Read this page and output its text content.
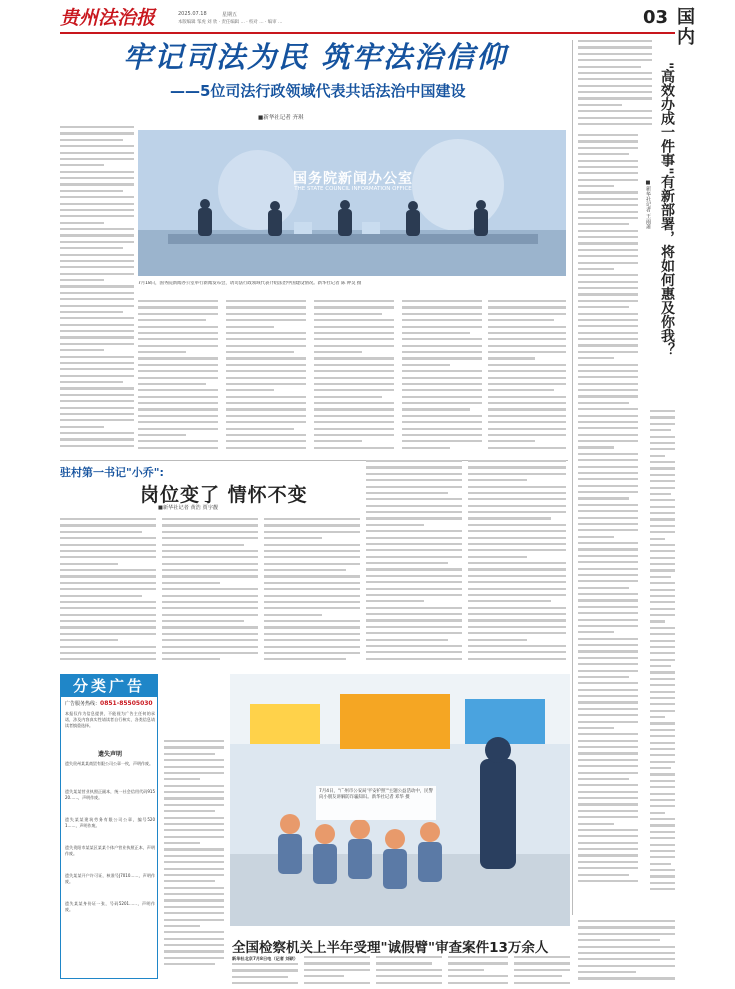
贵州法治报	2025.07.18	星期五
本版编辑 邹虎 刘 欣 · 责任编辑 … · 校对 … · 编审 …	03 国内
牢记司法为民 筑牢法治信仰
——5位司法行政领域代表共话法治中国建设
■新华社记者 齐琪
国务院新闻办公室
THE STATE COUNCIL INFORMATION OFFICE
7月18日，国务院新闻办公室举行新闻发布会，请司法行政领域代表介绍法治中国建设情况。新华社记者 陈 钟昊 摄	"高效办成一件事"有新部署，将如何惠及你我？
■新华社记者 王雨萧
驻村第一书记"小乔":
岗位变了 情怀不变
■新华社记者 黄浩 贾宇靓
分类广告
广告服务热线：0851-85505030
本报仅作为信息提供，不能视为广告主任何的承诺，涉及内容真实性请读者自行核实，各类信息请读者慎重选择。
遗失声明
遗失贵州某某商贸有限公司公章一枚，声明作废。
遗失某某营业执照正副本，统一社会信用代码91520……，声明作废。
遗失某某建筑劳务有限公司公章，编号5201……，声明作废。
遗失贵阳市某某区某某个体户营业执照正本，声明作废。
遗失某某开户许可证，核准号J7010……，声明作废。
遗失某某身份证一张，号码5201……，声明作废。
7月4日，"广州市公安局'平安护照'"主题公益活动中，民警向小朋友讲解防诈骗知识。新华社记者 邓华 摄
全国检察机关上半年受理"诚假臂"审查案件13万余人
新华社北京7月8日电（记者 刘硕）
